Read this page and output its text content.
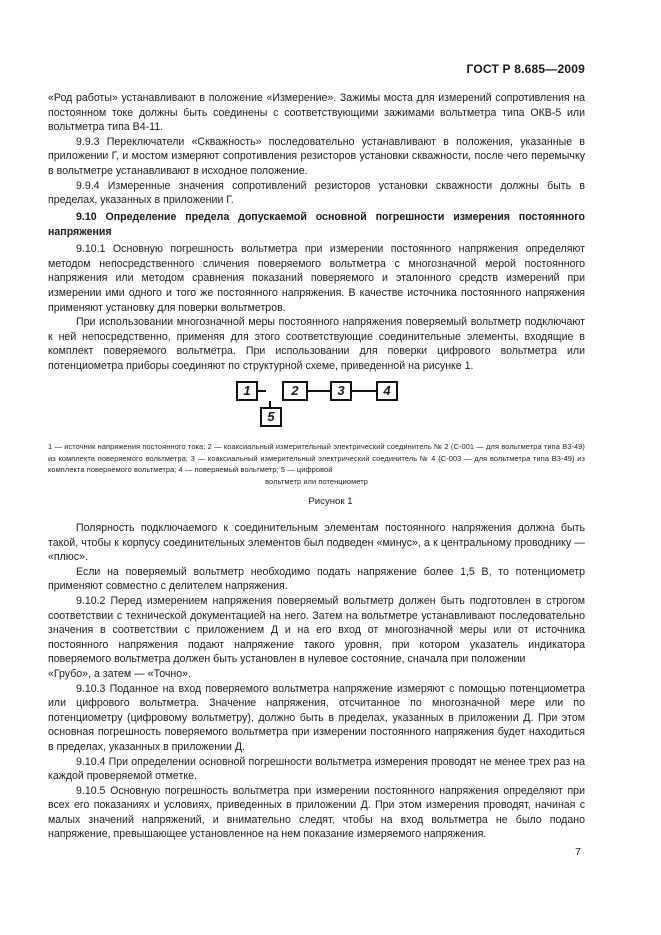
ГОСТ Р 8.685—2009

«Род работы» устанавливают в положение «Измерение». Зажимы моста для измерений сопротивления на постоянном токе должны быть соединены с соответствующими зажимами вольтметра типа ОКВ-5 или вольтметра типа В4-11.

9.9.3 Переключатели «Скважность» последовательно устанавливают в положения, указанные в приложении Г, и мостом измеряют сопротивления резисторов установки скважности, после чего перемычку в вольтметре устанавливают в исходное положение.

9.9.4 Измеренные значения сопротивлений резисторов установки скважности должны быть в пределах, указанных в приложении Г.

9.10 Определение предела допускаемой основной погрешности измерения постоянного напряжения

9.10.1 Основную погрешность вольтметра при измерении постоянного напряжения определяют методом непосредственного сличения поверяемого вольтметра с многозначной мерой постоянного напряжения или методом сравнения показаний поверяемого и эталонного средств измерений при измерении ими одного и того же постоянного напряжения. В качестве источника постоянного напряжения применяют установку для поверки вольтметров.

При использовании многозначной меры постоянного напряжения поверяемый вольтметр подключают к ней непосредственно, применяя для этого соответствующие соединительные элементы, входящие в комплект поверяемого вольтметра. При использовании для поверки цифрового вольтметра или потенциометра приборы соединяют по структурной схеме, приведенной на рисунке 1.

1	2	3	4
5
1 — источник напряжения постоянного тока; 2 — коаксиальный измерительный электрический соединитель № 2 (С-001 — для вольтметра типа В3-49) из комплекта поверяемого вольтметра; 3 — коаксиальный измерительный электрический соединитель № 4 (С-003 — для вольтметра типа В3-49) из комплекта поверяемого вольтметра; 4 — поверяемый вольтметр; 5 — цифровой
вольтметр или потенциометр
Рисунок 1

Полярность подключаемого к соединительным элементам постоянного напряжения должна быть такой, чтобы к корпусу соединительных элементов был подведен «минус», а к центральному проводнику — «плюс».

Если на поверяемый вольтметр необходимо подать напряжение более 1,5 В, то потенциометр применяют совместно с делителем напряжения.

9.10.2 Перед измерением напряжения поверяемый вольтметр должен быть подготовлен в строгом соответствии с технической документацией на него. Затем на вольтметре устанавливают последовательно значения в соответствии с приложением Д и на его вход от многозначной меры или от источника постоянного напряжения подают напряжение такого уровня, при котором указатель индикатора поверяемого вольтметра должен быть установлен в нулевое состояние, сначала при положении

«Грубо», а затем — «Точно».

9.10.3 Поданное на вход поверяемого вольтметра напряжение измеряют с помощью потенциометра или цифрового вольтметра. Значение напряжения, отсчитанное по многозначной мере или по потенциометру (цифровому вольтметру), должно быть в пределах, указанных в приложении Д. При этом основная погрешность поверяемого вольтметра при измерении постоянного напряжения будет находиться в пределах, указанных в приложении Д.

9.10.4 При определении основной погрешности вольтметра измерения проводят не менее трех раз на каждой проверяемой отметке.

9.10.5 Основную погрешность вольтметра при измерении постоянного напряжения определяют при всех его показаниях и условиях, приведенных в приложении Д. При этом измерения проводят, начиная с малых значений напряжений, и внимательно следят, чтобы на вход вольтметра не было подано напряжение, превышающее установленное на нем показание измеряемого напряжения.

7
